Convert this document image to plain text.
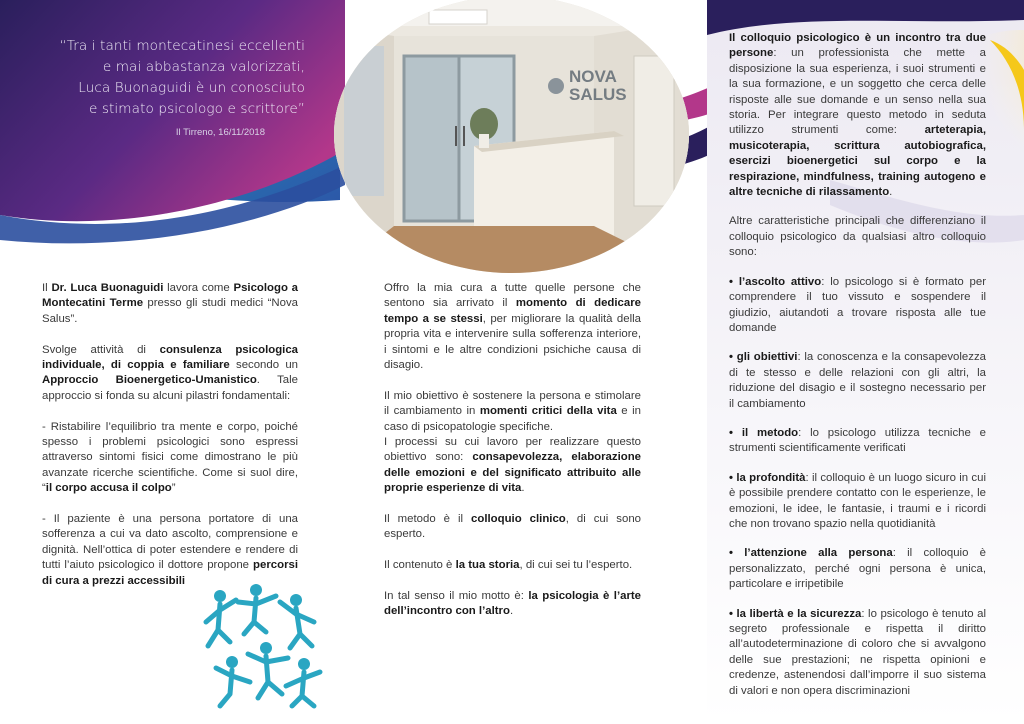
“Tra i tanti montecatinesi eccellenti
e mai abbastanza valorizzati,
Luca Buonaguidi è un conosciuto
e stimato psicologo e scrittore”
Il Tirreno, 16/11/2018
NOVA
SALUS

Il Dr. Luca Buonaguidi lavora come Psicologo a Montecatini Terme presso gli studi medici “Nova Salus”.

Svolge attività di consulenza psicologica individuale, di coppia e familiare secondo un Approccio Bioenergetico-Umanistico. Tale approccio si fonda su alcuni pilastri fondamentali:

- Ristabilire l’equilibrio tra mente e corpo, poiché spesso i problemi psicologici sono espressi attraverso sintomi fisici come dimostrano le più avanzate ricerche scientifiche. Come si suol dire, “il corpo accusa il colpo”

- Il paziente è una persona portatore di una sofferenza a cui va dato ascolto, comprensione e dignità. Nell’ottica di poter estendere e rendere di tutti l’aiuto psicologico il dottore propone percorsi di cura a prezzi accessibili

Offro la mia cura a tutte quelle persone che sentono sia arrivato il momento di dedicare tempo a se stessi, per migliorare la qualità della propria vita e intervenire sulla sofferenza interiore, i sintomi e le altre condizioni psichiche causa di disagio.

Il mio obiettivo è sostenere la persona e stimolare il cambiamento in momenti critici della vita e in caso di psicopatologie specifiche.

I processi su cui lavoro per realizzare questo obiettivo sono: consapevolezza, elaborazione delle emozioni e del significato attribuito alle proprie esperienze di vita.

Il metodo è il colloquio clinico, di cui sono esperto.

Il contenuto è la tua storia, di cui sei tu l’esperto.

In tal senso il mio motto è: la psicologia è l’arte dell’incontro con l’altro.

Il colloquio psicologico è un incontro tra due persone: un professionista che mette a disposizione la sua esperienza, i suoi strumenti e la sua formazione, e un soggetto che cerca delle risposte alle sue domande e un senso nella sua storia. Per integrare questo metodo in seduta utilizzo strumenti come: arteterapia, musicoterapia, scrittura autobiografica, esercizi bioenergetici sul corpo e la respirazione, mindfulness, training autogeno e altre tecniche di rilassamento.

Altre caratteristiche principali che differenziano il colloquio psicologico da qualsiasi altro colloquio sono:

• l’ascolto attivo: lo psicologo si è formato per comprendere il tuo vissuto e sospendere il giudizio, aiutandoti a trovare risposta alle tue domande

• gli obiettivi: la conoscenza e la consapevolezza di te stesso e delle relazioni con gli altri, la riduzione del disagio e il sostegno necessario per il cambiamento

• il metodo: lo psicologo utilizza tecniche e strumenti scientificamente verificati

• la profondità: il colloquio è un luogo sicuro in cui è possibile prendere contatto con le esperienze, le emozioni, le idee, le fantasie, i traumi e i ricordi che non trovano spazio nella quotidianità

• l’attenzione alla persona: il colloquio è personalizzato, perché ogni persona è unica, particolare e irripetibile

• la libertà e la sicurezza: lo psicologo è tenuto al segreto professionale e rispetta il diritto all’autodeterminazione di coloro che si avvalgono delle sue prestazioni; ne rispetta opinioni e credenze, astenendosi dall’imporre il suo sistema di valori e non opera discriminazioni
